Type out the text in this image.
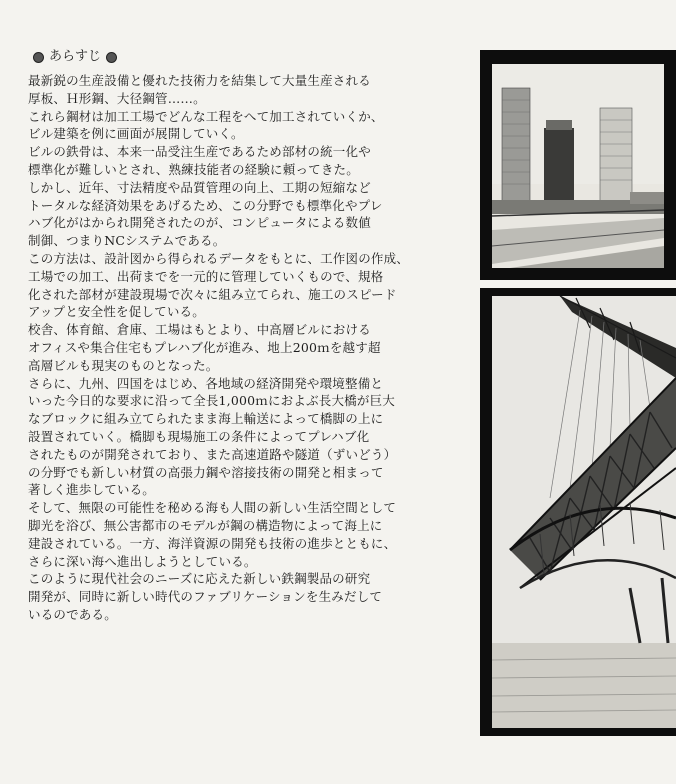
あらすじ

最新鋭の生産設備と優れた技術力を結集して大量生産される
厚板、Ｈ形鋼、大径鋼管……。

これら鋼材は加工工場でどんな工程をへて加工されていくか、
ビル建築を例に画面が展開していく。

ビルの鉄骨は、本来一品受注生産であるため部材の統一化や
標準化が難しいとされ、熟練技能者の経験に頼ってきた。

しかし、近年、寸法精度や品質管理の向上、工期の短縮など
トータルな経済効果をあげるため、この分野でも標準化やプレ
ハブ化がはかられ開発されたのが、コンピュータによる数値
制御、つまりNCシステムである。

この方法は、設計図から得られるデータをもとに、工作図の作成、
工場での加工、出荷までを一元的に管理していくもので、規格
化された部材が建設現場で次々に組み立てられ、施工のスピード
アップと安全性を促している。

校舎、体育館、倉庫、工場はもとより、中高層ビルにおける
オフィスや集合住宅もプレハブ化が進み、地上200ｍを越す超
高層ビルも現実のものとなった。

さらに、九州、四国をはじめ、各地域の経済開発や環境整備と
いった今日的な要求に沿って全長1,000ｍにおよぶ長大橋が巨大
なブロックに組み立てられたまま海上輸送によって橋脚の上に
設置されていく。橋脚も現場施工の条件によってプレハブ化
されたものが開発されており、また高速道路や隧道（ずいどう）
の分野でも新しい材質の高張力鋼や溶接技術の開発と相まって
著しく進歩している。

そして、無限の可能性を秘める海も人間の新しい生活空間として
脚光を浴び、無公害都市のモデルが鋼の構造物によって海上に
建設されている。一方、海洋資源の開発も技術の進歩とともに、
さらに深い海へ進出しようとしている。

このように現代社会のニーズに応えた新しい鉄鋼製品の研究
開発が、同時に新しい時代のファブリケーションを生みだして
いるのである。
